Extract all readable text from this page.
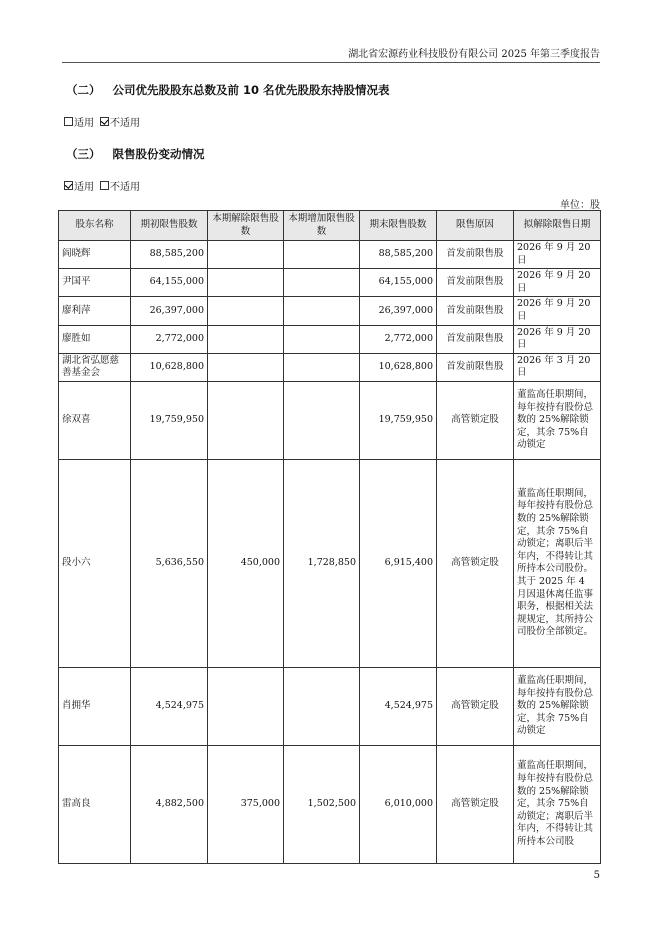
湖北省宏源药业科技股份有限公司 2025 年第三季度报告
（二） 公司优先股股东总数及前 10 名优先股股东持股情况表
适用 不适用
（三） 限售股份变动情况
适用 不适用
单位：股
股东名称	期初限售股数	本期解除限售股数	本期增加限售股数	期末限售股数	限售原因	拟解除限售日期
阎晓辉	88,585,200			88,585,200	首发前限售股	2026 年 9 月 20 日
尹国平	64,155,000			64,155,000	首发前限售股	2026 年 9 月 20 日
廖利萍	26,397,000			26,397,000	首发前限售股	2026 年 9 月 20 日
廖胜如	2,772,000			2,772,000	首发前限售股	2026 年 9 月 20 日
湖北省弘愿慈善基金会	10,628,800			10,628,800	首发前限售股	2026 年 3 月 20 日
徐双喜	19,759,950			19,759,950	高管锁定股	董监高任职期间，每年按持有股份总数的 25%解除锁定，其余 75%自动锁定
段小六	5,636,550	450,000	1,728,850	6,915,400	高管锁定股	董监高任职期间，每年按持有股份总数的 25%解除锁定，其余 75%自动锁定；离职后半年内，不得转让其所持本公司股份。其于 2025 年 4 月因退休离任监事职务，根据相关法规规定，其所持公司股份全部锁定。
肖拥华	4,524,975			4,524,975	高管锁定股	董监高任职期间，每年按持有股份总数的 25%解除锁定，其余 75%自动锁定
雷高良	4,882,500	375,000	1,502,500	6,010,000	高管锁定股	董监高任职期间，每年按持有股份总数的 25%解除锁定，其余 75%自动锁定；离职后半年内，不得转让其所持本公司股
5
